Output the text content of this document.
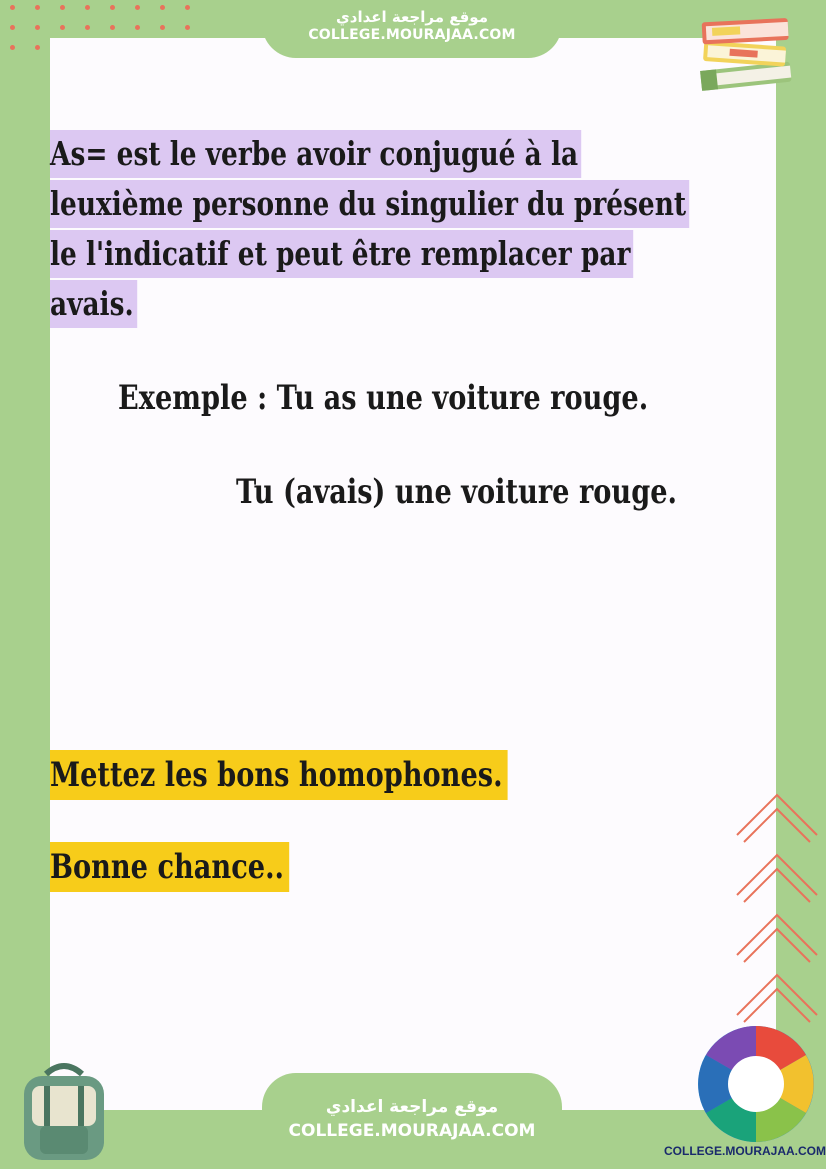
موقع مراجعة اعدادي
COLLEGE.MOURAJAA.COM
As= est le verbe avoir conjugué à la
leuxième personne du singulier du présent
le l'indicatif et peut être remplacer par
avais.
Exemple : Tu as une voiture rouge.
Tu (avais) une voiture rouge.
Mettez les bons homophones.
Bonne chance..
موقع مراجعة اعدادي
COLLEGE.MOURAJAA.COM
COLLEGE.MOURAJAA.COM
